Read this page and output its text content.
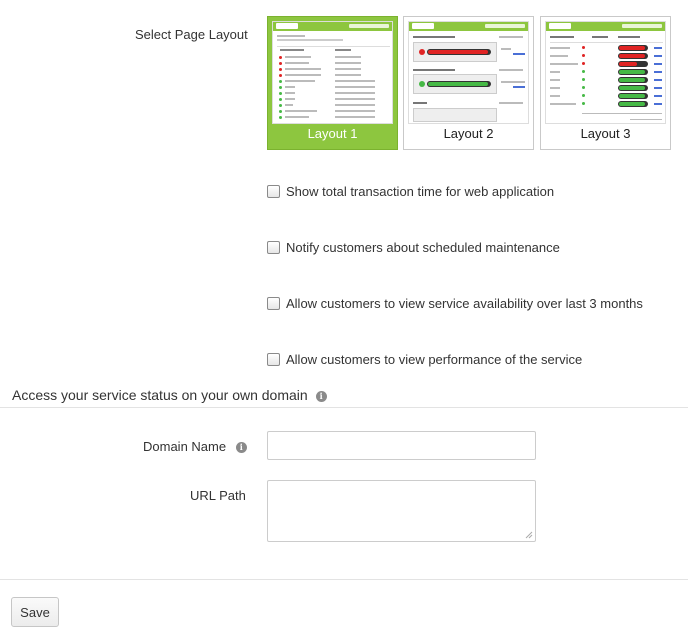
Select Page Layout
Layout 1	Layout 2	Layout 3
Show total transaction time for web application
Notify customers about scheduled maintenance
Allow customers to view service availability over last 3 months
Allow customers to view performance of the service
Access your service status on your own domain i
Domain Name i
URL Path
Save
